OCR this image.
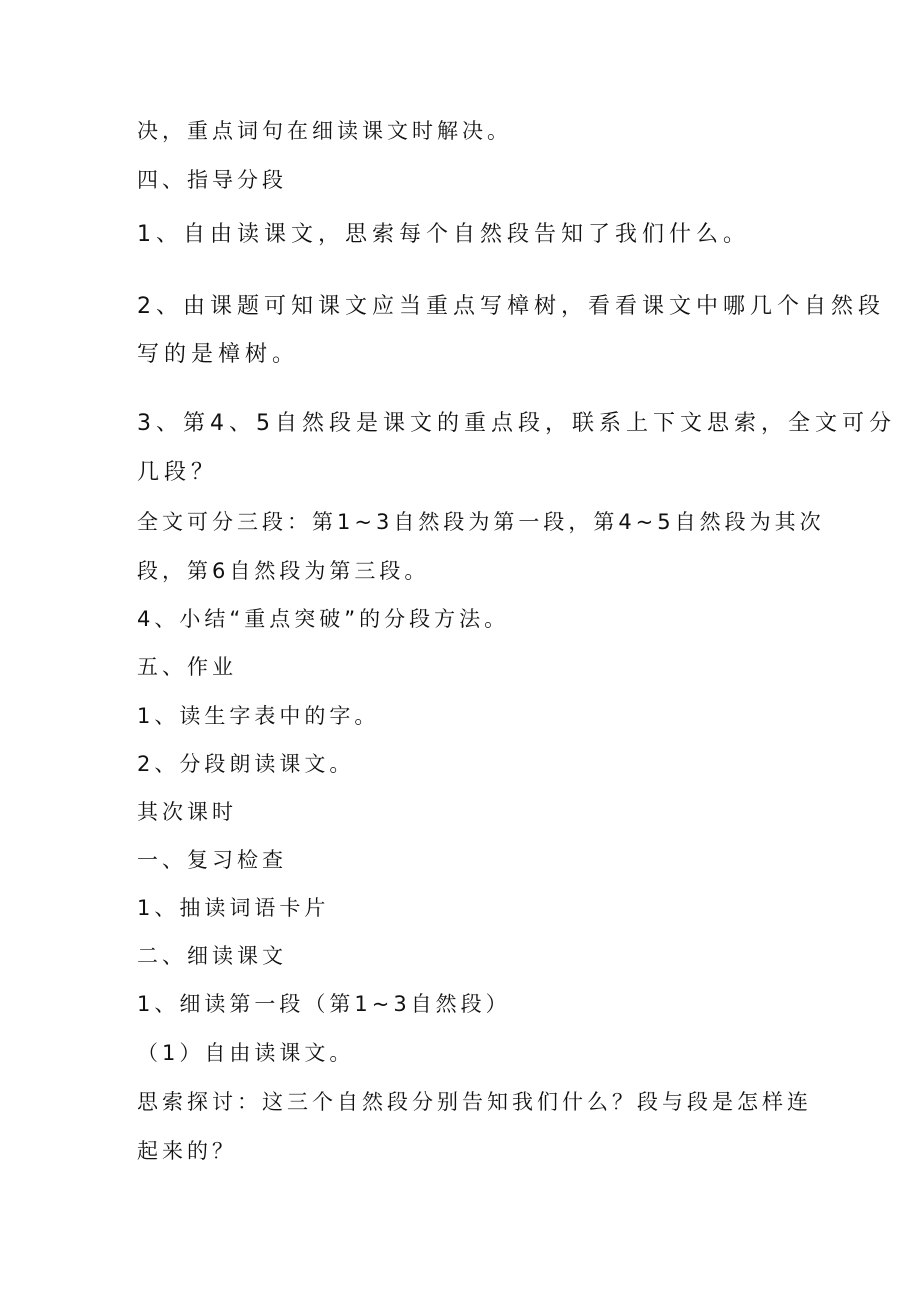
决，重点词句在细读课文时解决。
四、指导分段
1、自由读课文，思索每个自然段告知了我们什么。
2、由课题可知课文应当重点写樟树，看看课文中哪几个自然段
写的是樟树。
3、第4、5自然段是课文的重点段，联系上下文思索，全文可分
几段？
全文可分三段：第1~3自然段为第一段，第4~5自然段为其次
段，第6自然段为第三段。
4、小结“重点突破”的分段方法。
五、作业
1、读生字表中的字。
2、分段朗读课文。
其次课时
一、复习检查
1、抽读词语卡片
二、细读课文
1、细读第一段（第1~3自然段）
（1）自由读课文。
思索探讨：这三个自然段分别告知我们什么？段与段是怎样连
起来的？
